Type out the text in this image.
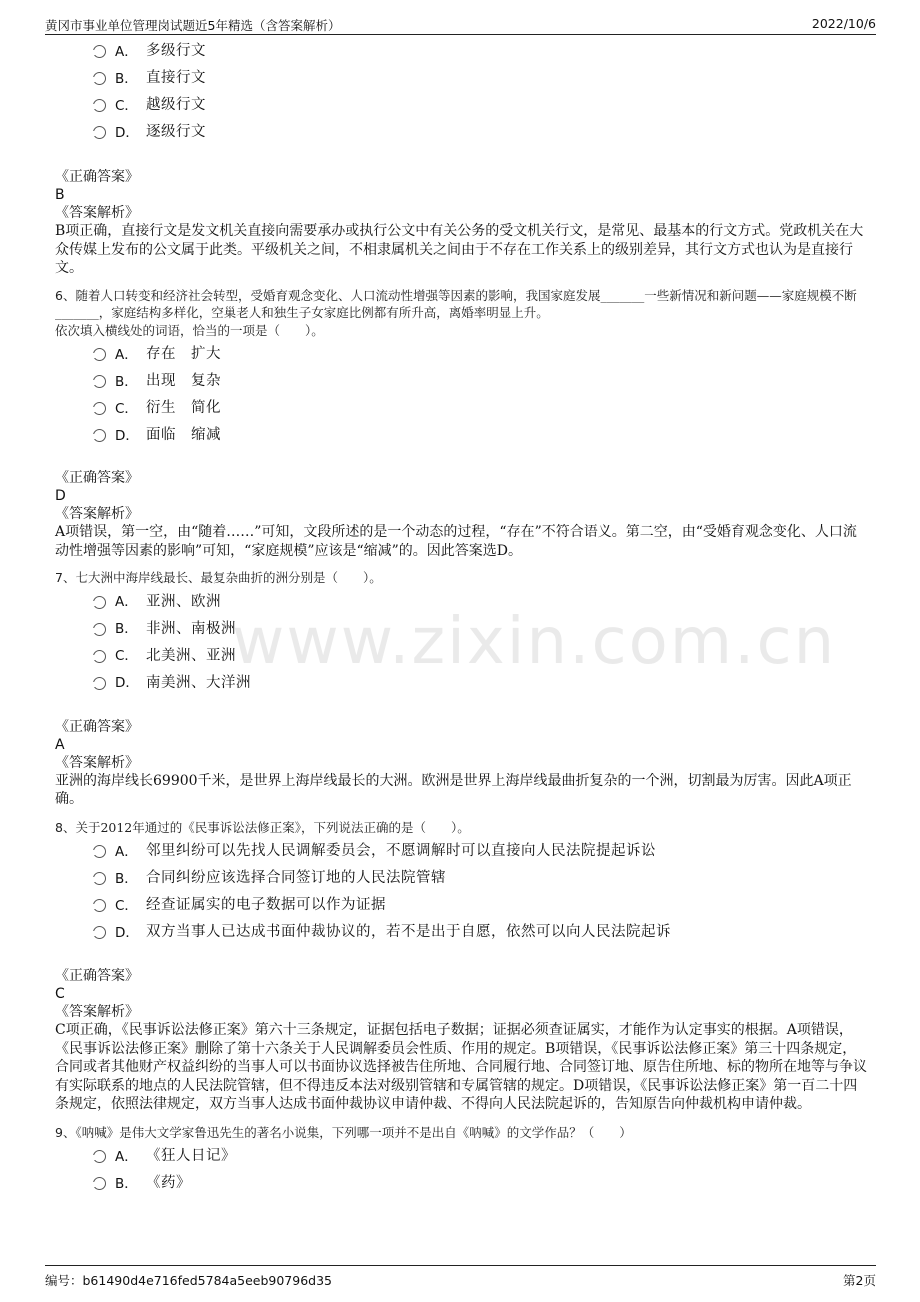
黄冈市事业单位管理岗试题近5年精选（含答案解析）	2022/10/6
www.zixin.com.cn
A． 多级行文
B． 直接行文
C． 越级行文
D． 逐级行文
《正确答案》
B
《答案解析》
B项正确，直接行文是发文机关直接向需要承办或执行公文中有关公务的受文机关行文，是常见、最基本的行文方式。党政机关在大众传媒上发布的公文属于此类。平级机关之间，不相隶属机关之间由于不存在工作关系上的级别差异，其行文方式也认为是直接行文。
6、随着人口转变和经济社会转型，受婚育观念变化、人口流动性增强等因素的影响，我国家庭发展_______一些新情况和新问题——家庭规模不断_______，家庭结构多样化，空巢老人和独生子女家庭比例都有所升高，离婚率明显上升。
依次填入横线处的词语，恰当的一项是（　　）。
A． 存在　扩大
B． 出现　复杂
C． 衍生　简化
D． 面临　缩减
《正确答案》
D
《答案解析》
A项错误，第一空，由“随着……”可知，文段所述的是一个动态的过程，“存在”不符合语义。第二空，由“受婚育观念变化、人口流动性增强等因素的影响”可知，“家庭规模”应该是“缩减”的。因此答案选D。
7、七大洲中海岸线最长、最复杂曲折的洲分别是（　　）。
A． 亚洲、欧洲
B． 非洲、南极洲
C． 北美洲、亚洲
D． 南美洲、大洋洲
《正确答案》
A
《答案解析》
亚洲的海岸线长69900千米，是世界上海岸线最长的大洲。欧洲是世界上海岸线最曲折复杂的一个洲，切割最为厉害。因此A项正确。
8、关于2012年通过的《民事诉讼法修正案》，下列说法正确的是（　　）。
A． 邻里纠纷可以先找人民调解委员会，不愿调解时可以直接向人民法院提起诉讼
B． 合同纠纷应该选择合同签订地的人民法院管辖
C． 经查证属实的电子数据可以作为证据
D． 双方当事人已达成书面仲裁协议的，若不是出于自愿，依然可以向人民法院起诉
《正确答案》
C
《答案解析》
C项正确，《民事诉讼法修正案》第六十三条规定，证据包括电子数据；证据必须查证属实，才能作为认定事实的根据。A项错误，《民事诉讼法修正案》删除了第十六条关于人民调解委员会性质、作用的规定。B项错误，《民事诉讼法修正案》第三十四条规定，合同或者其他财产权益纠纷的当事人可以书面协议选择被告住所地、合同履行地、合同签订地、原告住所地、标的物所在地等与争议有实际联系的地点的人民法院管辖，但不得违反本法对级别管辖和专属管辖的规定。D项错误，《民事诉讼法修正案》第一百二十四条规定，依照法律规定，双方当事人达成书面仲裁协议申请仲裁、不得向人民法院起诉的，告知原告向仲裁机构申请仲裁。
9、《呐喊》是伟大文学家鲁迅先生的著名小说集，下列哪一项并不是出自《呐喊》的文学作品？（　　）
A． 《狂人日记》
B． 《药》
编号：b61490d4e716fed5784a5eeb90796d35	第2页
